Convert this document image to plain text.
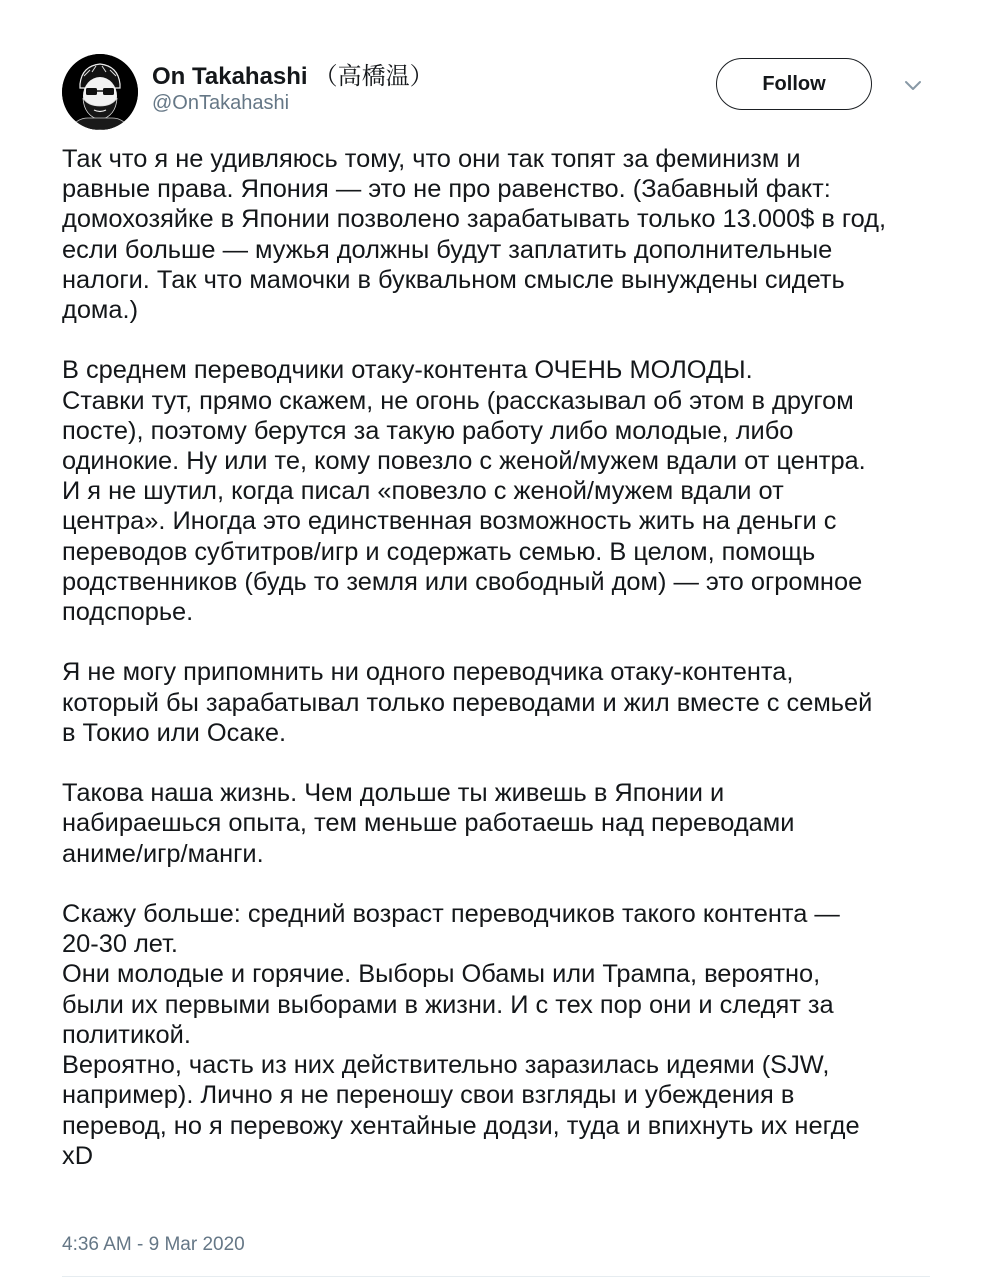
On Takahashi （高橋温）
@OnTakahashi
Follow

Так что я не удивляюсь тому, что они так топят за феминизм и
равные права. Япония — это не про равенство. (Забавный факт:
домохозяйке в Японии позволено зарабатывать только 13.000$ в год,
если больше — мужья должны будут заплатить дополнительные
налоги. Так что мамочки в буквальном смысле вынуждены сидеть
дома.)

В среднем переводчики отаку-контента ОЧЕНЬ МОЛОДЫ.
Ставки тут, прямо скажем, не огонь (рассказывал об этом в другом
посте), поэтому берутся за такую работу либо молодые, либо
одинокие. Ну или те, кому повезло с женой/мужем вдали от центра.
И я не шутил, когда писал «повезло с женой/мужем вдали от
центра». Иногда это единственная возможность жить на деньги с
переводов субтитров/игр и содержать семью. В целом, помощь
родственников (будь то земля или свободный дом) — это огромное
подспорье.

Я не могу припомнить ни одного переводчика отаку-контента,
который бы зарабатывал только переводами и жил вместе с семьей
в Токио или Осаке.

Такова наша жизнь. Чем дольше ты живешь в Японии и
набираешься опыта, тем меньше работаешь над переводами
аниме/игр/манги.

Скажу больше: средний возраст переводчиков такого контента —
20-30 лет.
Они молодые и горячие. Выборы Обамы или Трампа, вероятно,
были их первыми выборами в жизни. И с тех пор они и следят за
политикой.
Вероятно, часть из них действительно заразилась идеями (SJW,
например). Лично я не переношу свои взгляды и убеждения в
перевод, но я перевожу хентайные додзи, туда и впихнуть их негде
xD

4:36 AM - 9 Mar 2020
